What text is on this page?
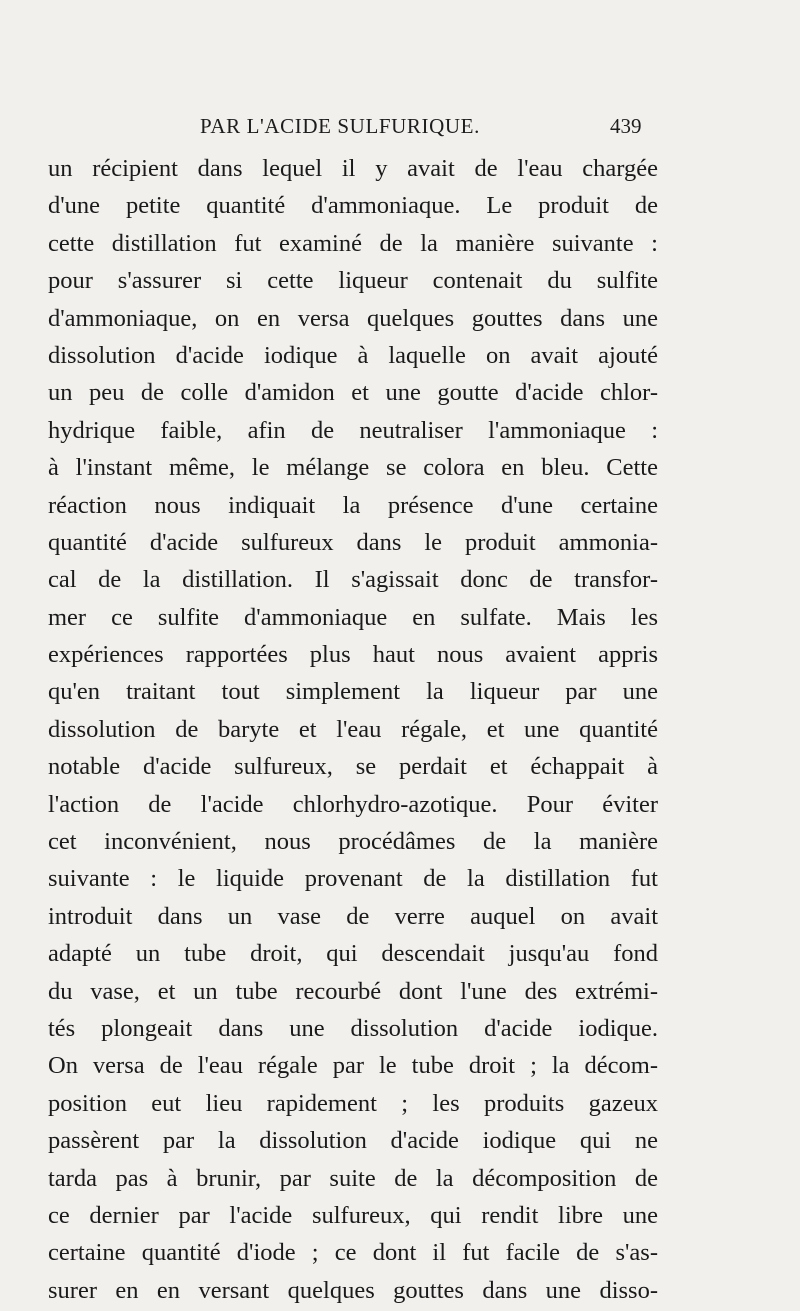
PAR L'ACIDE SULFURIQUE.	439
un récipient dans lequel il y avait de l'eau chargée
d'une petite quantité d'ammoniaque. Le produit de
cette distillation fut examiné de la manière suivante :
pour s'assurer si cette liqueur contenait du sulfite
d'ammoniaque, on en versa quelques gouttes dans une
dissolution d'acide iodique à laquelle on avait ajouté
un peu de colle d'amidon et une goutte d'acide chlor-
hydrique faible, afin de neutraliser l'ammoniaque :
à l'instant même, le mélange se colora en bleu. Cette
réaction nous indiquait la présence d'une certaine
quantité d'acide sulfureux dans le produit ammonia-
cal de la distillation. Il s'agissait donc de transfor-
mer ce sulfite d'ammoniaque en sulfate. Mais les
expériences rapportées plus haut nous avaient appris
qu'en traitant tout simplement la liqueur par une
dissolution de baryte et l'eau régale, et une quantité
notable d'acide sulfureux, se perdait et échappait à
l'action de l'acide chlorhydro-azotique. Pour éviter
cet inconvénient, nous procédâmes de la manière
suivante : le liquide provenant de la distillation fut
introduit dans un vase de verre auquel on avait
adapté un tube droit, qui descendait jusqu'au fond
du vase, et un tube recourbé dont l'une des extrémi-
tés plongeait dans une dissolution d'acide iodique.
On versa de l'eau régale par le tube droit ; la décom-
position eut lieu rapidement ; les produits gazeux
passèrent par la dissolution d'acide iodique qui ne
tarda pas à brunir, par suite de la décomposition de
ce dernier par l'acide sulfureux, qui rendit libre une
certaine quantité d'iode ; ce dont il fut facile de s'as-
surer en en versant quelques gouttes dans une disso-
